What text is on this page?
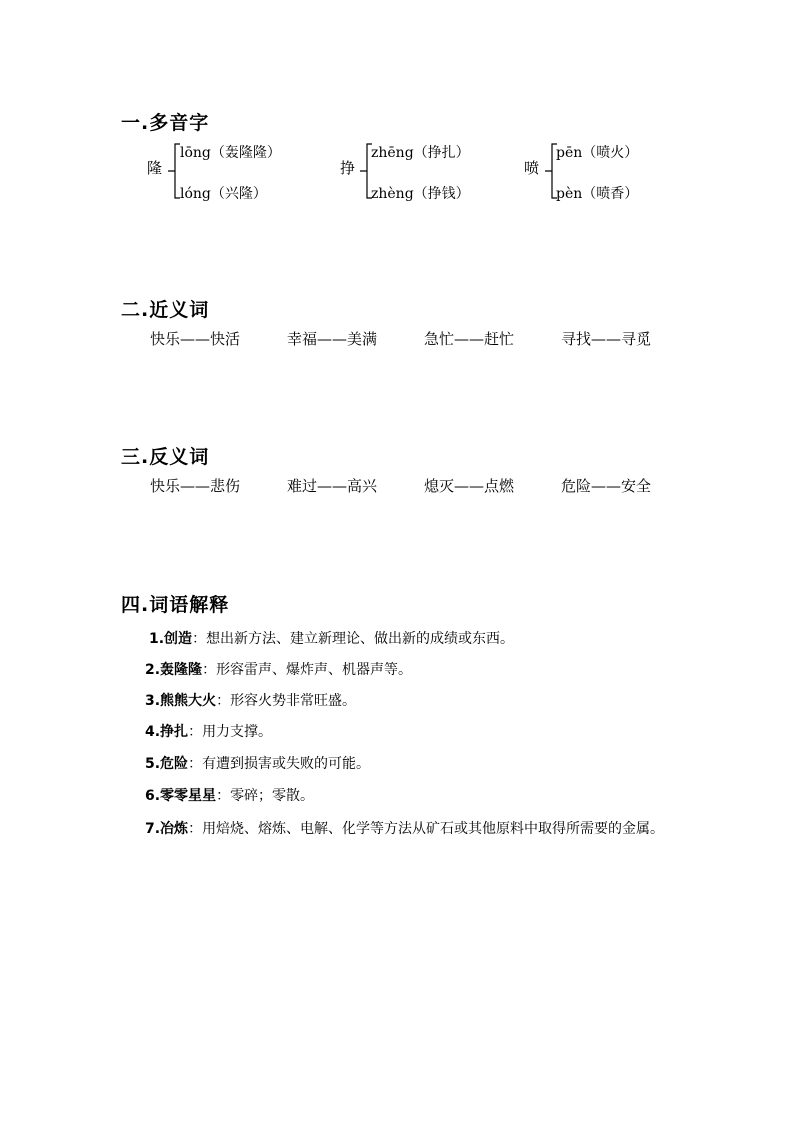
一.多音字
隆
lōng（轰隆隆）
lóng（兴隆）
挣
zhēng（挣扎）
zhèng（挣钱）
喷
pēn（喷火）
pèn（喷香）
二.近义词
快乐——快活	幸福——美满	急忙——赶忙	寻找——寻觅
三.反义词
快乐——悲伤	难过——高兴	熄灭——点燃	危险——安全
四.词语解释
1.创造：想出新方法、建立新理论、做出新的成绩或东西。
2.轰隆隆：形容雷声、爆炸声、机器声等。
3.熊熊大火：形容火势非常旺盛。
4.挣扎：用力支撑。
5.危险：有遭到损害或失败的可能。
6.零零星星：零碎；零散。
7.冶炼：用焙烧、熔炼、电解、化学等方法从矿石或其他原料中取得所需要的金属。
